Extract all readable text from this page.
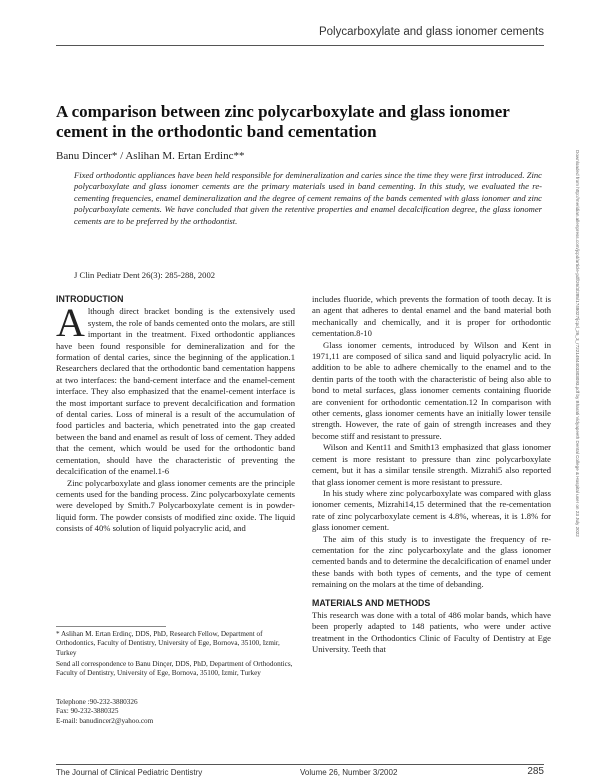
Polycarboxylate and glass ionomer cements
A comparison between zinc polycarboxylate and glass ionomer cement in the orthodontic band cementation
Banu Dincer* / Aslihan M. Ertan Erdinc**
Fixed orthodontic appliances have been held responsible for demineralization and caries since the time they were first introduced. Zinc polycarboxylate and glass ionomer cements are the primary materials used in band cementing. In this study, we evaluated the re-cementing frequencies, enamel demineralization and the degree of cement remains of the bands cemented with glass ionomer and zinc polycarboxylate cements. We have concluded that given the retentive properties and enamel decalcification degree, the glass ionomer cements are to be preferred by the orthodontist.
J Clin Pediatr Dent 26(3): 285-288, 2002
INTRODUCTION

Although direct bracket bonding is the extensively used system, the role of bands cemented onto the molars, are still important in the treatment. Fixed orthodontic appliances have been found responsible for demineralization and for the formation of dental caries, since the beginning of the application.1 Researchers declared that the orthodontic band cementation happens at two interfaces: the band-cement interface and the enamel-cement interface. They also emphasized that the enamel-cement interface is the most important surface to prevent decalcification and formation of dental caries. Loss of mineral is a result of the accumulation of food particles and bacteria, which penetrated into the gap created between the band and enamel as result of loss of cement. They added that the cement, which would be used for the orthodontic band cementation, should have the characteristic of preventing the decalcification of the enamel.1-6

Zinc polycarboxylate and glass ionomer cements are the principle cements used for the banding process. Zinc polycarboxylate cements were developed by Smith.7 Polycarboxylate cement is in powder-liquid form. The powder consists of modified zinc oxide. The liquid consists of 40% solution of liquid polyacrylic acid, and

includes fluoride, which prevents the formation of tooth decay. It is an agent that adheres to dental enamel and the band material both mechanically and chemically, and it is proper for orthodontic cementation.8-10

Glass ionomer cements, introduced by Wilson and Kent in 1971,11 are composed of silica sand and liquid polyacrylic acid. In addition to be able to adhere chemically to the enamel and to the dentin parts of the tooth with the characteristic of being also able to bond to metal surfaces, glass ionomer cements containing fluoride are convenient for orthodontic cementation.12 In comparison with other cements, glass ionomer cements have an initially lower tensile strength. However, the rate of gain of strength increases and they become stiff and resistant to pressure.

Wilson and Kent11 and Smith13 emphasized that glass ionomer cement is more resistant to pressure than zinc polycarboxylate cement, but it has a similar tensile strength. Mizrahi5 also reported that glass ionomer cement is more resistant to pressure.

In his study where zinc polycarboxylate was compared with glass ionomer cements, Mizrahi14,15 determined that the re-cementation rate of zinc polycarboxylate cement is 4.8%, whereas, it is 1.8% for glass ionomer cement.

The aim of this study is to investigate the frequency of re-cementation for the zinc polycarboxylate and the glass ionomer cemented bands and to determine the decalcification of enamel under these bands with both types of cements, and the type of cement remaining on the molars at the time of debanding.

MATERIALS AND METHODS

This research was done with a total of 486 molar bands, which have been properly adapted to 148 patients, who were under active treatment in the Orthodontics Clinic of Faculty of Dentistry at Ege University. Teeth that

* Aslihan M. Ertan Erdinç, DDS, PhD, Research Fellow, Department of Orthodontics, Faculty of Dentistry, University of Ege, Bornova, 35100, Izmir, Turkey
Send all correspondence to Banu Dinçer, DDS, PhD, Department of Orthodontics, Faculty of Dentistry, University of Ege, Bornova, 35100, Izmir, Turkey
Telephone :90-232-3880326
Fax: 90-232-3880325
E-mail: banudincer2@yahoo.com
Downloaded from http://meridian.allenpress.com/jcpd/article-pdf/26/3/285/1748027/jcpd_26_3_r7221484403303093.pdf by Bharati Vidyapeeth Dental College & Hospital user on 23 July 2022
The Journal of Clinical Pediatric Dentistry	Volume 26, Number 3/2002	285
